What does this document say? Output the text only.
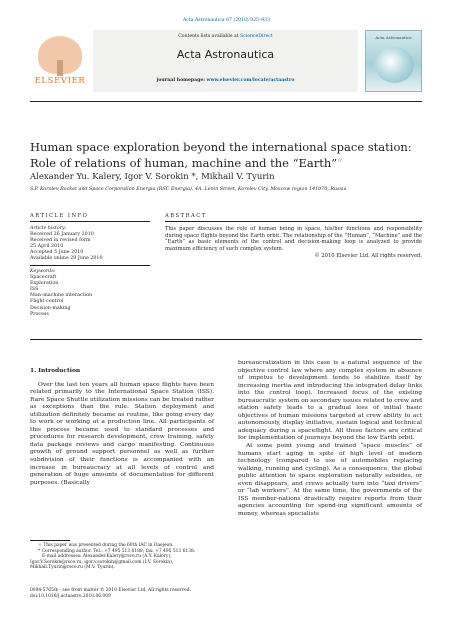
Acta Astronautica 67 (2010) 925–933
ELSEVIER
Contents lists available at ScienceDirect
Acta Astronautica
journal homepage: www.elsevier.com/locate/actaastro
Acta Astronautica
Human space exploration beyond the international space station:
Role of relations of human, machine and the “Earth”☆
Alexander Yu. Kalery, Igor V. Sorokin *, Mikhail V. Tyurin
S.P. Korolev Rocket and Space Corporation Energia (RSC Energia), 4A, Lenin Street, Korolev City, Moscow region 141070, Russia
ARTICLE INFO	ABSTRACT
Article history:
Received 26 January 2010
Received in revised form
25 April 2010
Accepted 5 June 2010
Available online 29 June 2010
Keywords:
Spacecraft
Exploration
ISS
Man–machine interaction
Flight control
Decision-making
Process
This paper discusses the role of human being in space, his/her functions and responsibility during space flights beyond the Earth orbit. The relationship of the “Human”, “Machine” and the “Earth” as basic elements of the control and decision-making loop is analyzed to provide maximum efficiency of such complex system.
© 2010 Elsevier Ltd. All rights reserved.
1. Introduction

Over the last ten years all human space flights have been related primarily to the International Space Station (ISS). Rare Space Shuttle utilization missions can be treated rather as exceptions than the rule. Station deployment and utilization definitely became as routine, like going every day to work or working at a production line. All participants of this process became used to standard processes and procedures for research development, crew training, safety data package reviews and cargo manifesting. Continuous growth of ground support personnel as well as further subdivision of their functions is accompanied with an increase in bureaucracy at all levels of control and generation of huge amounts of documentation for different purposes. (Basically

bureaucratization in this case is a natural sequence of the objective control law where any complex system in absence of impetus to development tends to stabilize itself by increasing inertia and introducing the integrated delay links into the control loop). Increased focus of the existing bureaucratic system on secondary issues related to crew and station safety leads to a gradual loss of initial basic objectives of human missions targeted at crew ability to act autonomously, display initiative, sustain logical and technical adequacy during a spaceflight. All these factors are critical for implementation of journeys beyond the low Earth orbit.

At some point young and trained “space muscles” of humans start aging in spite of high level of modern technology (compared to use of automobiles replacing walking, running and cycling). As a consequence, the global public attention to space exploration naturally subsides, or even disappears, and crews actually turn into “taxi drivers” or “lab workers”. At the same time, the governments of the ISS member-nations drastically require reports from their agencies accounting for spend-ing significant amounts of money, whereas specialists

☆ This paper was presented during the 60th IAC in Daejeon.
* Corresponding author. Tel.: +7 495 513 6188; fax: +7 495 513 6138.
E-mail addresses: Alexander.Kalery@rsce.ru (A.Y. Kalery),
Igor.V.Sorokin@rsce.ru, igor.v.sorokin@gmail.com (I.V. Sorokin),
Mikhail.Tyurin@rsce.ru (M.V. Tyurin).
0094-5765/$ - see front matter © 2010 Elsevier Ltd. All rights reserved.
doi:10.1016/j.actaastro.2010.06.009
